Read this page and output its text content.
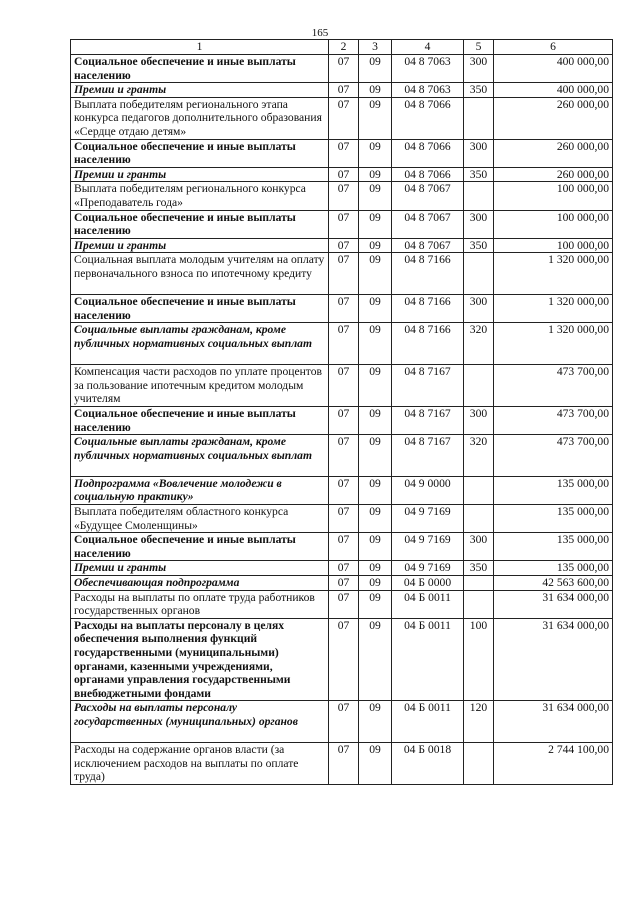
165
1	2	3	4	5	6
Социальное обеспечение и иные выплаты населению	07	09	04 8 7063	300	400 000,00
Премии и гранты	07	09	04 8 7063	350	400 000,00
Выплата победителям регионального этапа конкурса педагогов дополнительного образования «Сердце отдаю детям»	07	09	04 8 7066		260 000,00
Социальное обеспечение и иные выплаты населению	07	09	04 8 7066	300	260 000,00
Премии и гранты	07	09	04 8 7066	350	260 000,00
Выплата победителям регионального конкурса «Преподаватель года»	07	09	04 8 7067		100 000,00
Социальное обеспечение и иные выплаты населению	07	09	04 8 7067	300	100 000,00
Премии и гранты	07	09	04 8 7067	350	100 000,00
Социальная выплата молодым учителям на оплату первоначального взноса по ипотечному кредиту	07	09	04 8 7166		1 320 000,00
Социальное обеспечение и иные выплаты населению	07	09	04 8 7166	300	1 320 000,00
Социальные выплаты гражданам, кроме публичных нормативных социальных выплат	07	09	04 8 7166	320	1 320 000,00
Компенсация части расходов по уплате процентов за пользование ипотечным кредитом молодым учителям	07	09	04 8 7167		473 700,00
Социальное обеспечение и иные выплаты населению	07	09	04 8 7167	300	473 700,00
Социальные выплаты гражданам, кроме публичных нормативных социальных выплат	07	09	04 8 7167	320	473 700,00
Подпрограмма «Вовлечение молодежи в социальную практику»	07	09	04 9 0000		135 000,00
Выплата победителям областного конкурса «Будущее Смоленщины»	07	09	04 9 7169		135 000,00
Социальное обеспечение и иные выплаты населению	07	09	04 9 7169	300	135 000,00
Премии и гранты	07	09	04 9 7169	350	135 000,00
Обеспечивающая подпрограмма	07	09	04 Б 0000		42 563 600,00
Расходы на выплаты по оплате труда работников государственных органов	07	09	04 Б 0011		31 634 000,00
Расходы на выплаты персоналу в целях обеспечения выполнения функций государственными (муниципальными) органами, казенными учреждениями, органами управления государственными внебюджетными фондами	07	09	04 Б 0011	100	31 634 000,00
Расходы на выплаты персоналу государственных (муниципальных) органов	07	09	04 Б 0011	120	31 634 000,00
Расходы на содержание органов власти (за исключением расходов на выплаты по оплате труда)	07	09	04 Б 0018		2 744 100,00
